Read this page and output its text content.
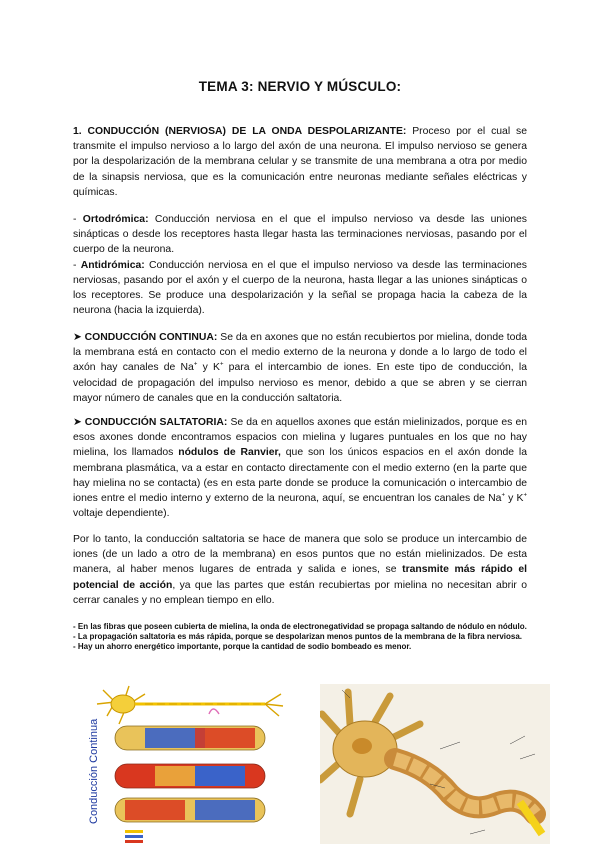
TEMA 3: NERVIO Y MÚSCULO:

1. CONDUCCIÓN (NERVIOSA) DE LA ONDA DESPOLARIZANTE: Proceso por el cual se transmite el impulso nervioso a lo largo del axón de una neurona. El impulso nervioso se genera por la despolarización de la membrana celular y se transmite de una membrana a otra por medio de la sinapsis nerviosa, que es la comunicación entre neuronas mediante señales eléctricas y químicas.

- Ortodrómica: Conducción nerviosa en el que el impulso nervioso va desde las uniones sinápticas o desde los receptores hasta llegar hasta las terminaciones nerviosas, pasando por el cuerpo de la neurona.

- Antidrómica: Conducción nerviosa en el que el impulso nervioso va desde las terminaciones nerviosas, pasando por el axón y el cuerpo de la neurona, hasta llegar a las uniones sinápticas o los receptores. Se produce una despolarización y la señal se propaga hacia la cabeza de la neurona (hacia la izquierda).

➤ CONDUCCIÓN CONTINUA: Se da en axones que no están recubiertos por mielina, donde toda la membrana está en contacto con el medio externo de la neurona y donde a lo largo de todo el axón hay canales de Na+ y K+ para el intercambio de iones. En este tipo de conducción, la velocidad de propagación del impulso nervioso es menor, debido a que se abren y se cierran mayor número de canales que en la conducción saltatoria.

➤ CONDUCCIÓN SALTATORIA: Se da en aquellos axones que están mielinizados, porque es en esos axones donde encontramos espacios con mielina y lugares puntuales en los que no hay mielina, los llamados nódulos de Ranvier, que son los únicos espacios en el axón donde la membrana plasmática, va a estar en contacto directamente con el medio externo (en la parte que hay mielina no se contacta) (es en esta parte donde se produce la comunicación o intercambio de iones entre el medio interno y externo de la neurona, aquí, se encuentran los canales de Na+ y K+ voltaje dependiente).

Por lo tanto, la conducción saltatoria se hace de manera que solo se produce un intercambio de iones (de un lado a otro de la membrana) en esos puntos que no están mielinizados. De esta manera, al haber menos lugares de entrada y salida e iones, se transmite más rápido el potencial de acción, ya que las partes que están recubiertas por mielina no necesitan abrir o cerrar canales y no emplean tiempo en ello.

- En las fibras que poseen cubierta de mielina, la onda de electronegatividad se propaga saltando de nódulo en nódulo.

- La propagación saltatoria es más rápida, porque se despolarizan menos puntos de la membrana de la fibra nerviosa.

- Hay un ahorro energético importante, porque la cantidad de sodio bombeado es menor.

Conducción Continua
